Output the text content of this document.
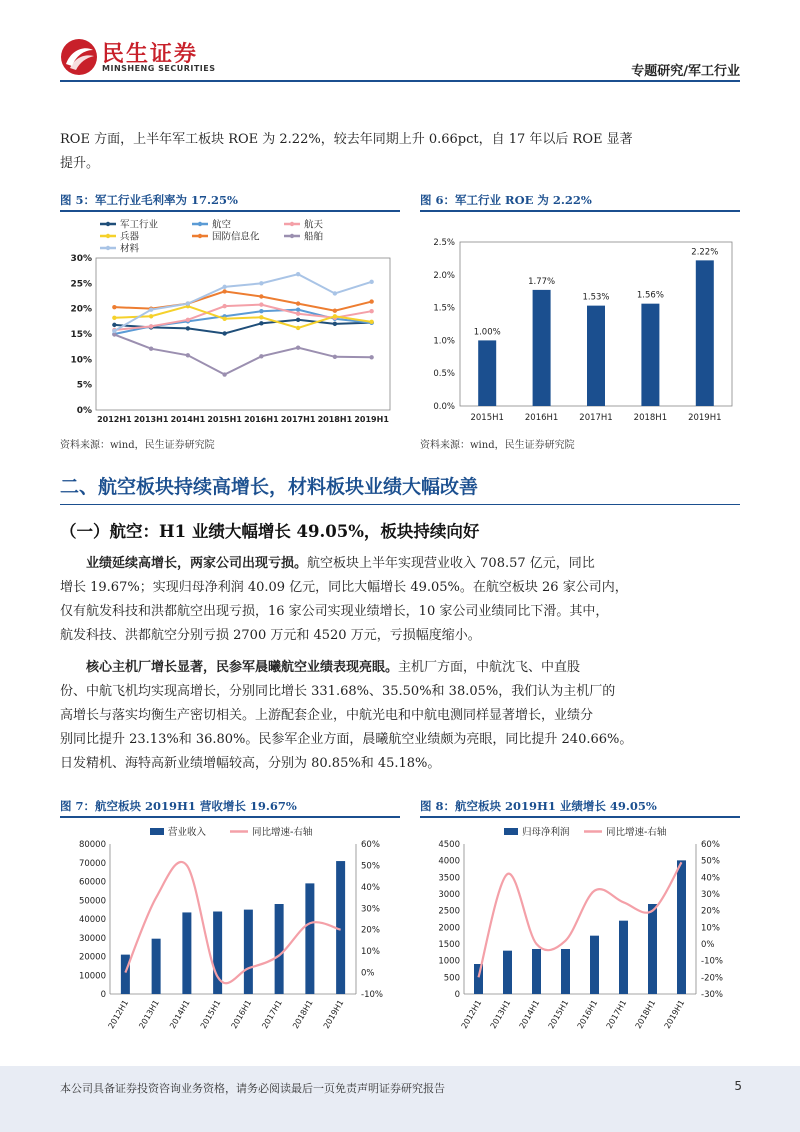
民生证券
MINSHENG SECURITIES	专题研究/军工行业
ROE 方面，上半年军工板块 ROE 为 2.22%，较去年同期上升 0.66pct，自 17 年以后 ROE 显著
提升。
图 5：军工行业毛利率为 17.25%
0%
5%
10%
15%
20%
25%
30%
2012H1 2013H1 2014H1 2015H1 2016H1 2017H1 2018H1 2019H1
军工行业	航空	航天
兵器	国防信息化	船舶
材料
资料来源：wind，民生证券研究院
图 6：军工行业 ROE 为 2.22%
0.0%
0.5%
1.0%
1.5%
2.0%
2.5%
1.00%
2015H1
1.77%
2016H1
1.53%
2017H1
1.56%
2018H1
2.22%
2019H1
资料来源：wind，民生证券研究院
二、航空板块持续高增长，材料板块业绩大幅改善
（一）航空：H1 业绩大幅增长 49.05%，板块持续向好
业绩延续高增长，两家公司出现亏损。航空板块上半年实现营业收入 708.57 亿元，同比
增长 19.67%；实现归母净利润 40.09 亿元，同比大幅增长 49.05%。在航空板块 26 家公司内，
仅有航发科技和洪都航空出现亏损，16 家公司实现业绩增长，10 家公司业绩同比下滑。其中，
航发科技、洪都航空分别亏损 2700 万元和 4520 万元，亏损幅度缩小。
核心主机厂增长显著，民参军晨曦航空业绩表现亮眼。主机厂方面，中航沈飞、中直股
份、中航飞机均实现高增长，分别同比增长 331.68%、35.50%和 38.05%，我们认为主机厂的
高增长与落实均衡生产密切相关。上游配套企业，中航光电和中航电测同样显著增长，业绩分
别同比提升 23.13%和 36.80%。民参军企业方面，晨曦航空业绩颇为亮眼，同比提升 240.66%。
日发精机、海特高新业绩增幅较高，分别为 80.85%和 45.18%。
图 7：航空板块 2019H1 营收增长 19.67%
0
10000
20000
30000
40000
50000
60000
70000
80000
-10%
0%
10%
20%
30%
40%
50%
60%
2012H1 2013H1 2014H1 2015H1 2016H1 2017H1 2018H1 2019H1
营业收入	同比增速-右轴
图 8：航空板块 2019H1 业绩增长 49.05%
0
500
1000
1500
2000
2500
3000
3500
4000
4500
-30%
-20%
-10%
0%
10%
20%
30%
40%
50%
60%
2012H1 2013H1 2014H1 2015H1 2016H1 2017H1 2018H1 2019H1
归母净利润	同比增速-右轴
本公司具备证券投资咨询业务资格，请务必阅读最后一页免责声明证券研究报告	5
